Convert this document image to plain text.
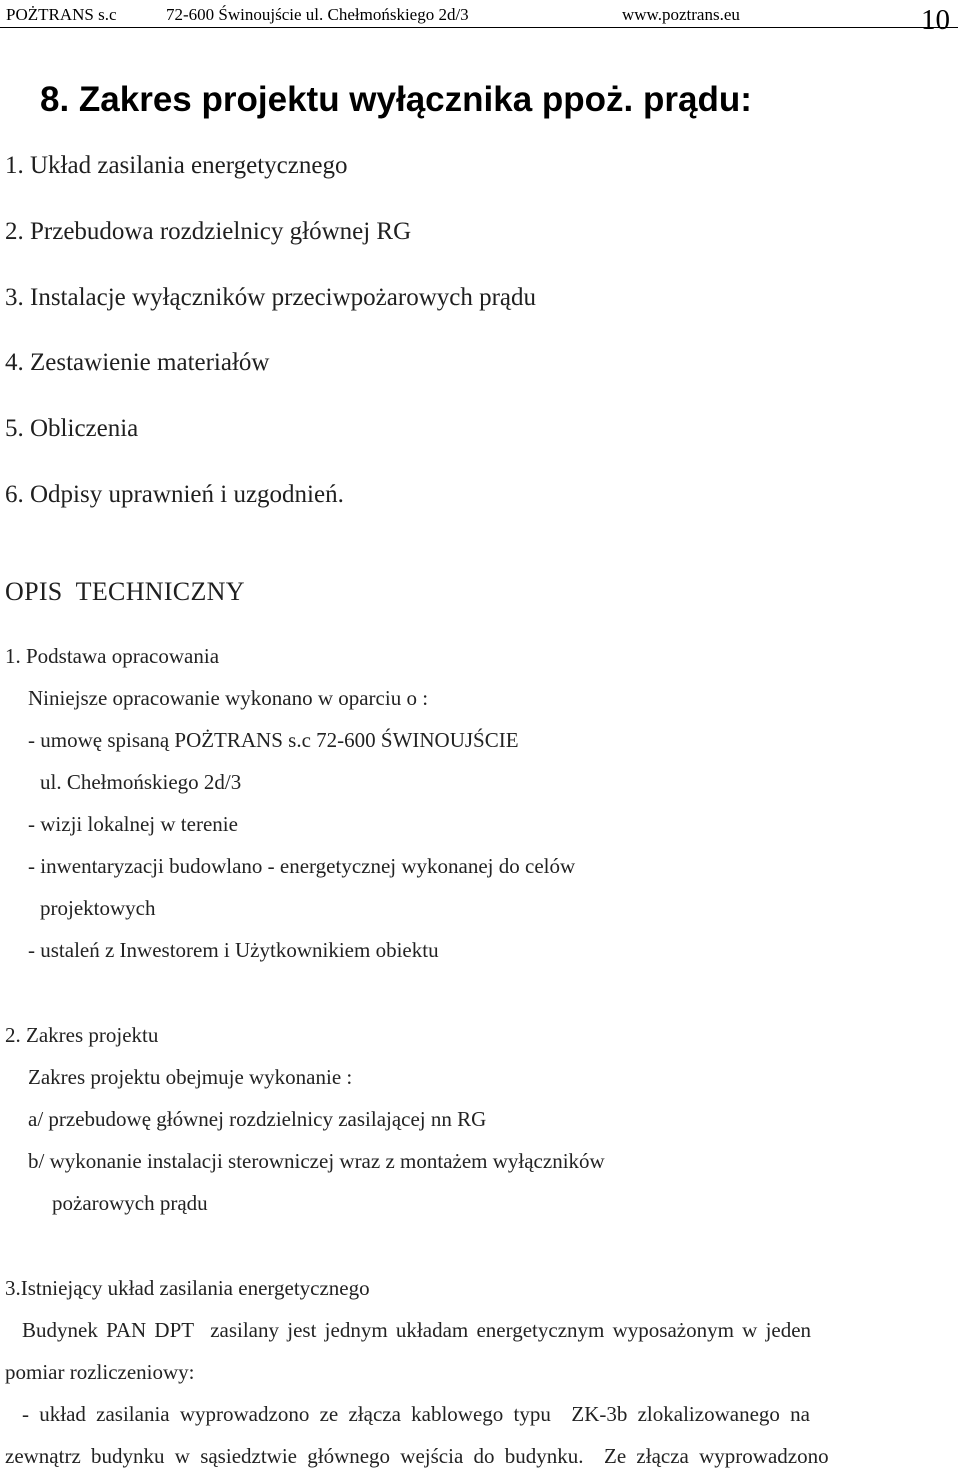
POŻTRANS s.c	72-600 Świnoujście ul. Chełmońskiego 2d/3	www.poztrans.eu	10
8. Zakres projektu wyłącznika ppoż. prądu:
1. Układ zasilania energetycznego
2. Przebudowa rozdzielnicy głównej RG
3. Instalacje wyłączników przeciwpożarowych prądu
4. Zestawienie materiałów
5. Obliczenia
6. Odpisy uprawnień i uzgodnień.
OPIS  TECHNICZNY
1. Podstawa opracowania
Niniejsze opracowanie wykonano w oparciu o :
- umowę spisaną POŻTRANS s.c 72-600 ŚWINOUJŚCIE
ul. Chełmońskiego 2d/3
- wizji lokalnej w terenie
- inwentaryzacji budowlano - energetycznej wykonanej do celów
projektowych
- ustaleń z Inwestorem i Użytkownikiem obiektu
2. Zakres projektu
Zakres projektu obejmuje wykonanie :
a/ przebudowę głównej rozdzielnicy zasilającej nn RG
b/ wykonanie instalacji sterowniczej wraz z montażem wyłączników
pożarowych prądu
3.Istniejący układ zasilania energetycznego
Budynek PAN DPT  zasilany jest jednym układam energetycznym wyposażonym w jeden
pomiar rozliczeniowy:
- układ zasilania wyprowadzono ze złącza kablowego typu  ZK-3b zlokalizowanego na
zewnątrz budynku w sąsiedztwie głównego wejścia do budynku.  Ze złącza wyprowadzono
